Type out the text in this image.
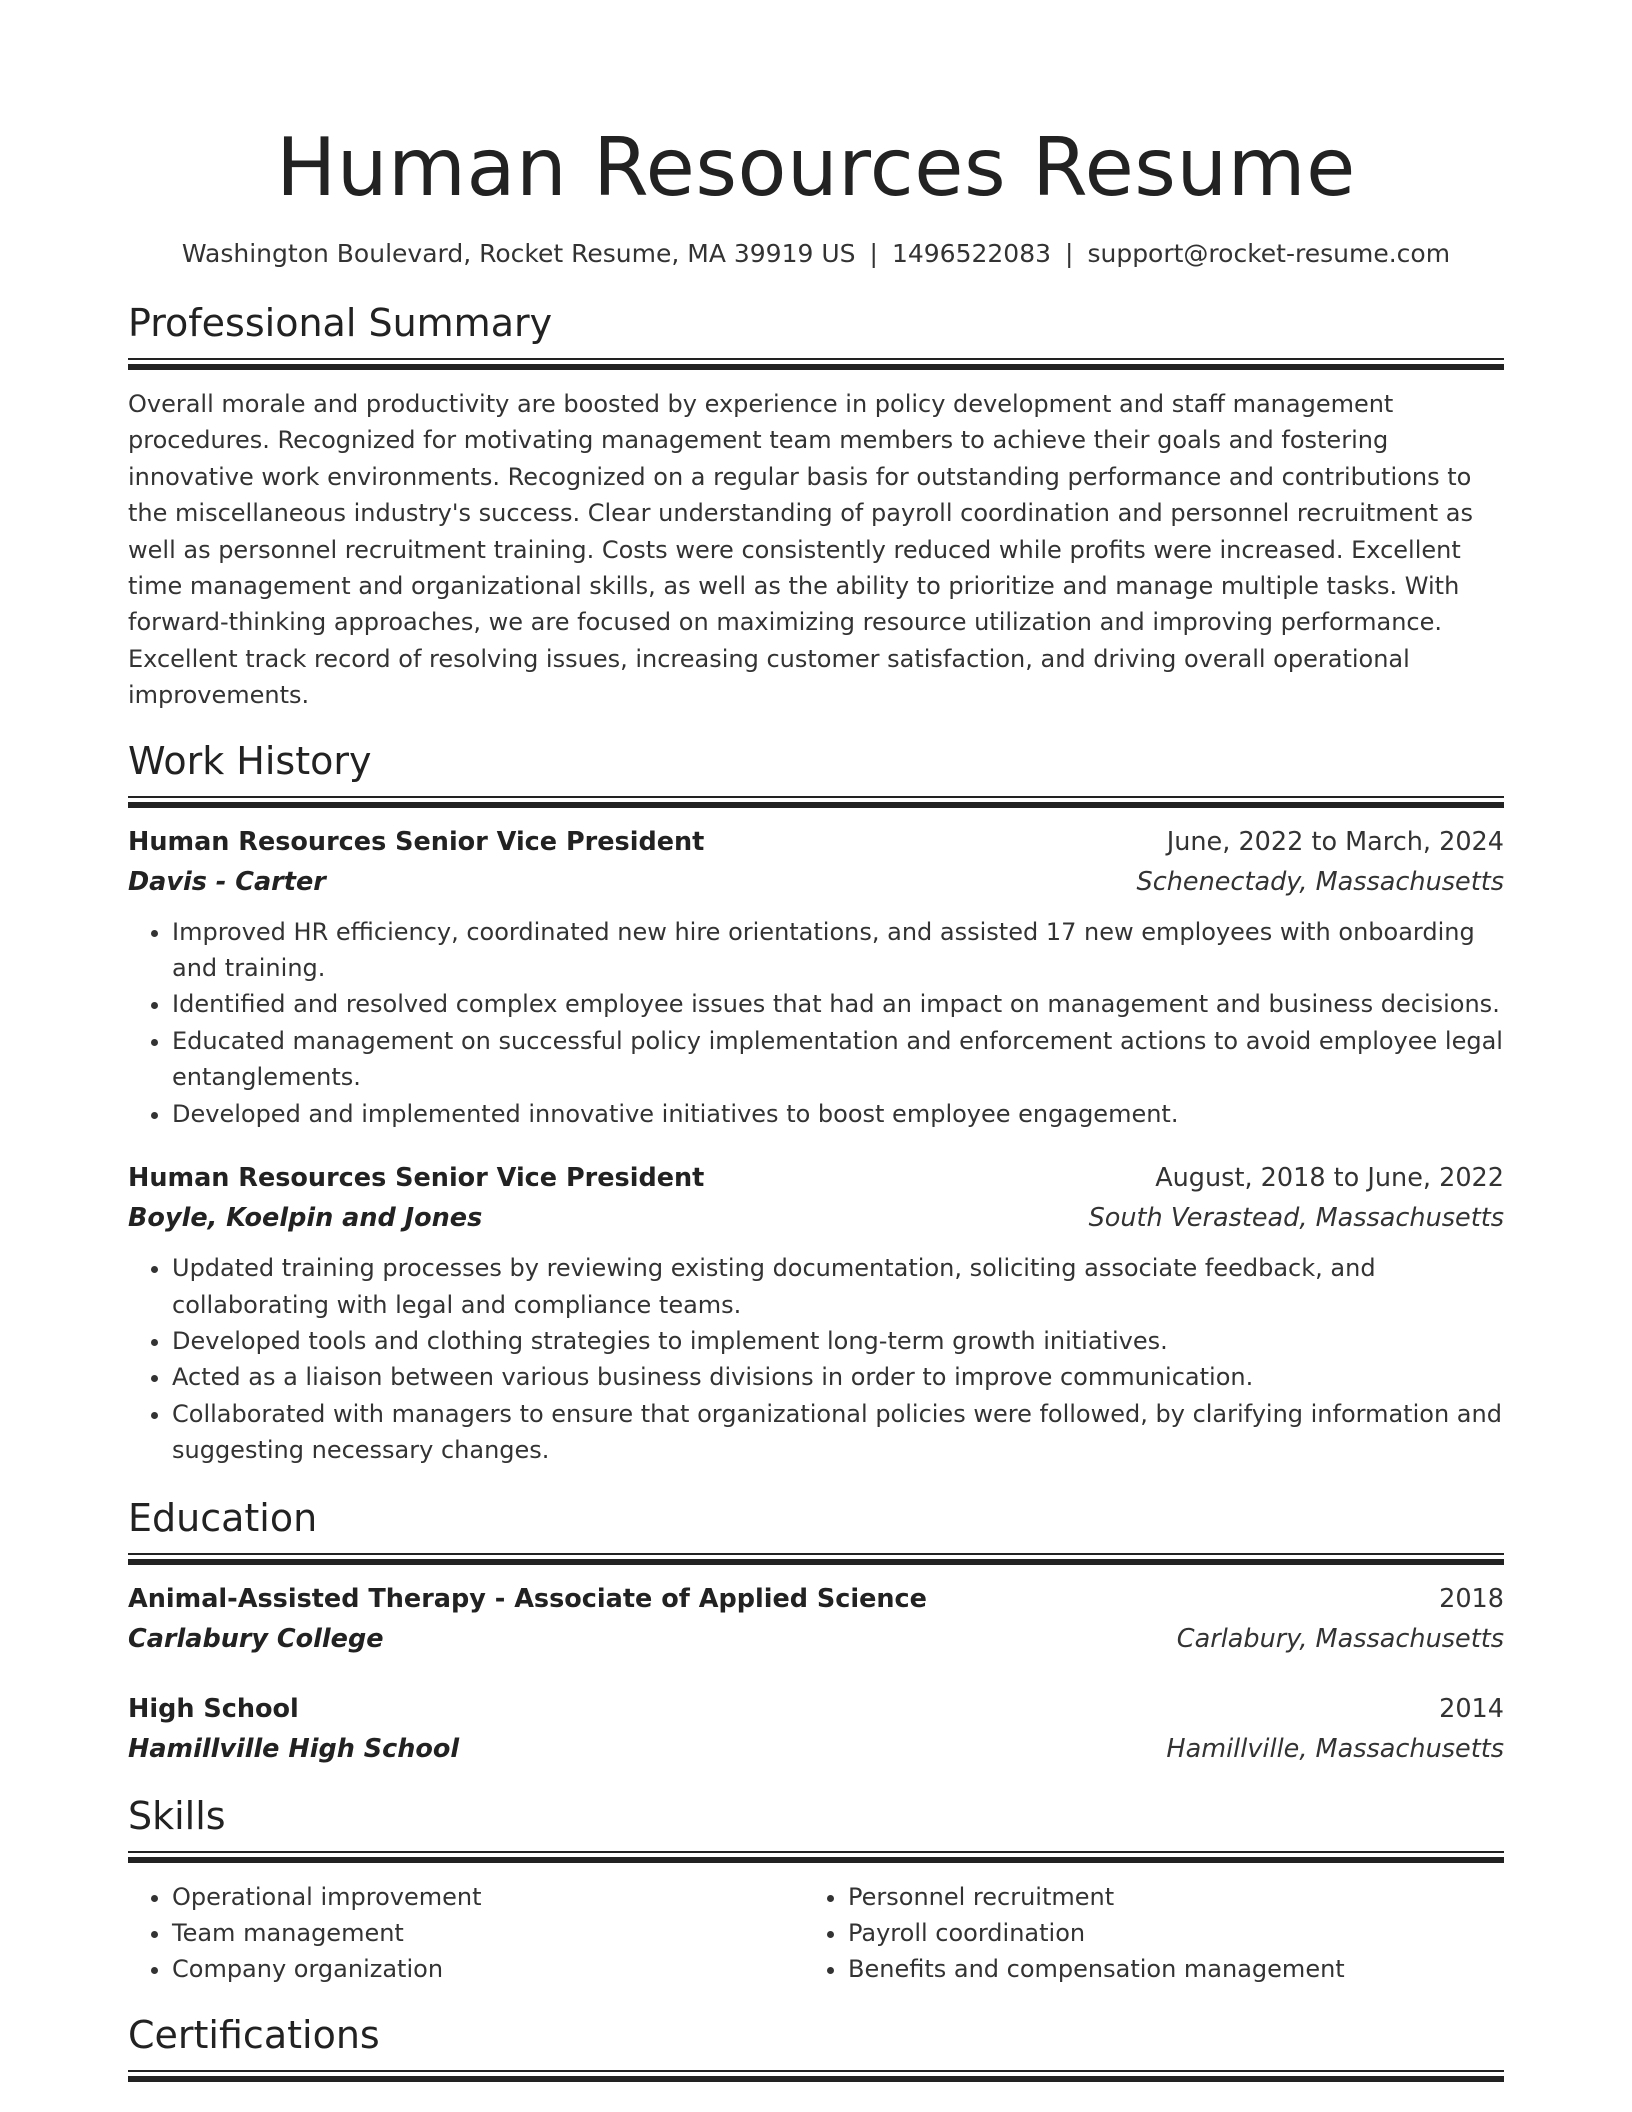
Human Resources Resume
Washington Boulevard, Rocket Resume, MA 39919 US | 1496522083 | support@rocket-resume.com
Professional Summary

Overall morale and productivity are boosted by experience in policy development and staff management procedures. Recognized for motivating management team members to achieve their goals and fostering innovative work environments. Recognized on a regular basis for outstanding performance and contributions to the miscellaneous industry's success. Clear understanding of payroll coordination and personnel recruitment as well as personnel recruitment training. Costs were consistently reduced while profits were increased. Excellent time management and organizational skills, as well as the ability to prioritize and manage multiple tasks. With forward-thinking approaches, we are focused on maximizing resource utilization and improving performance. Excellent track record of resolving issues, increasing customer satisfaction, and driving overall operational improvements.

Work History
Human Resources Senior Vice President	June, 2022 to March, 2024
Davis - Carter	Schenectady, Massachusetts
• Improved HR efficiency, coordinated new hire orientations, and assisted 17 new employees with onboarding and training.
• Identified and resolved complex employee issues that had an impact on management and business decisions.
• Educated management on successful policy implementation and enforcement actions to avoid employee legal entanglements.
• Developed and implemented innovative initiatives to boost employee engagement.
Human Resources Senior Vice President	August, 2018 to June, 2022
Boyle, Koelpin and Jones	South Verastead, Massachusetts
• Updated training processes by reviewing existing documentation, soliciting associate feedback, and collaborating with legal and compliance teams.
• Developed tools and clothing strategies to implement long-term growth initiatives.
• Acted as a liaison between various business divisions in order to improve communication.
• Collaborated with managers to ensure that organizational policies were followed, by clarifying information and suggesting necessary changes.
Education
Animal-Assisted Therapy - Associate of Applied Science	2018
Carlabury College	Carlabury, Massachusetts
High School	2014
Hamillville High School	Hamillville, Massachusetts
Skills
• Operational improvement
• Team management
• Company organization
• Personnel recruitment
• Payroll coordination
• Benefits and compensation management
Certifications
